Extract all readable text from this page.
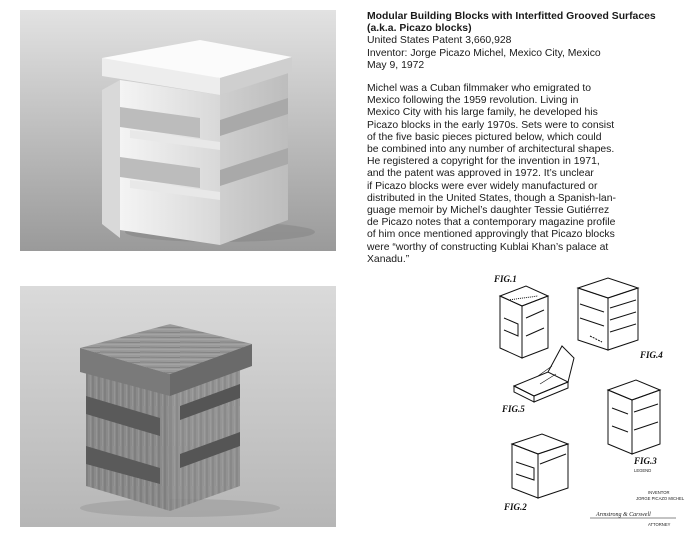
Modular Building Blocks with Interfitted Grooved Surfaces (a.k.a. Picazo blocks)

United States Patent 3,660,928
Inventor: Jorge Picazo Michel, Mexico City, Mexico
May 9, 1972
Michel was a Cuban filmmaker who emigrated to
Mexico following the 1959 revolution. Living in
Mexico City with his large family, he developed his
Picazo blocks in the early 1970s. Sets were to consist
of the five basic pieces pictured below, which could
be combined into any number of architectural shapes.
He registered a copyright for the invention in 1971,
and the patent was approved in 1972. It’s unclear
if Picazo blocks were ever widely manufactured or
distributed in the United States, though a Spanish-lan-
guage memoir by Michel’s daughter Tessie Gutiérrez
de Picazo notes that a contemporary magazine profile
of him once mentioned approvingly that Picazo blocks
were “worthy of constructing Kublai Khan’s palace at
Xanadu.”
FIG.1
FIG.4
FIG.5
FIG.3
FIG.2
LEGEND
INVENTOR
JORGE PICAZO MICHEL
Armstrong & Carswell
ATTORNEY
